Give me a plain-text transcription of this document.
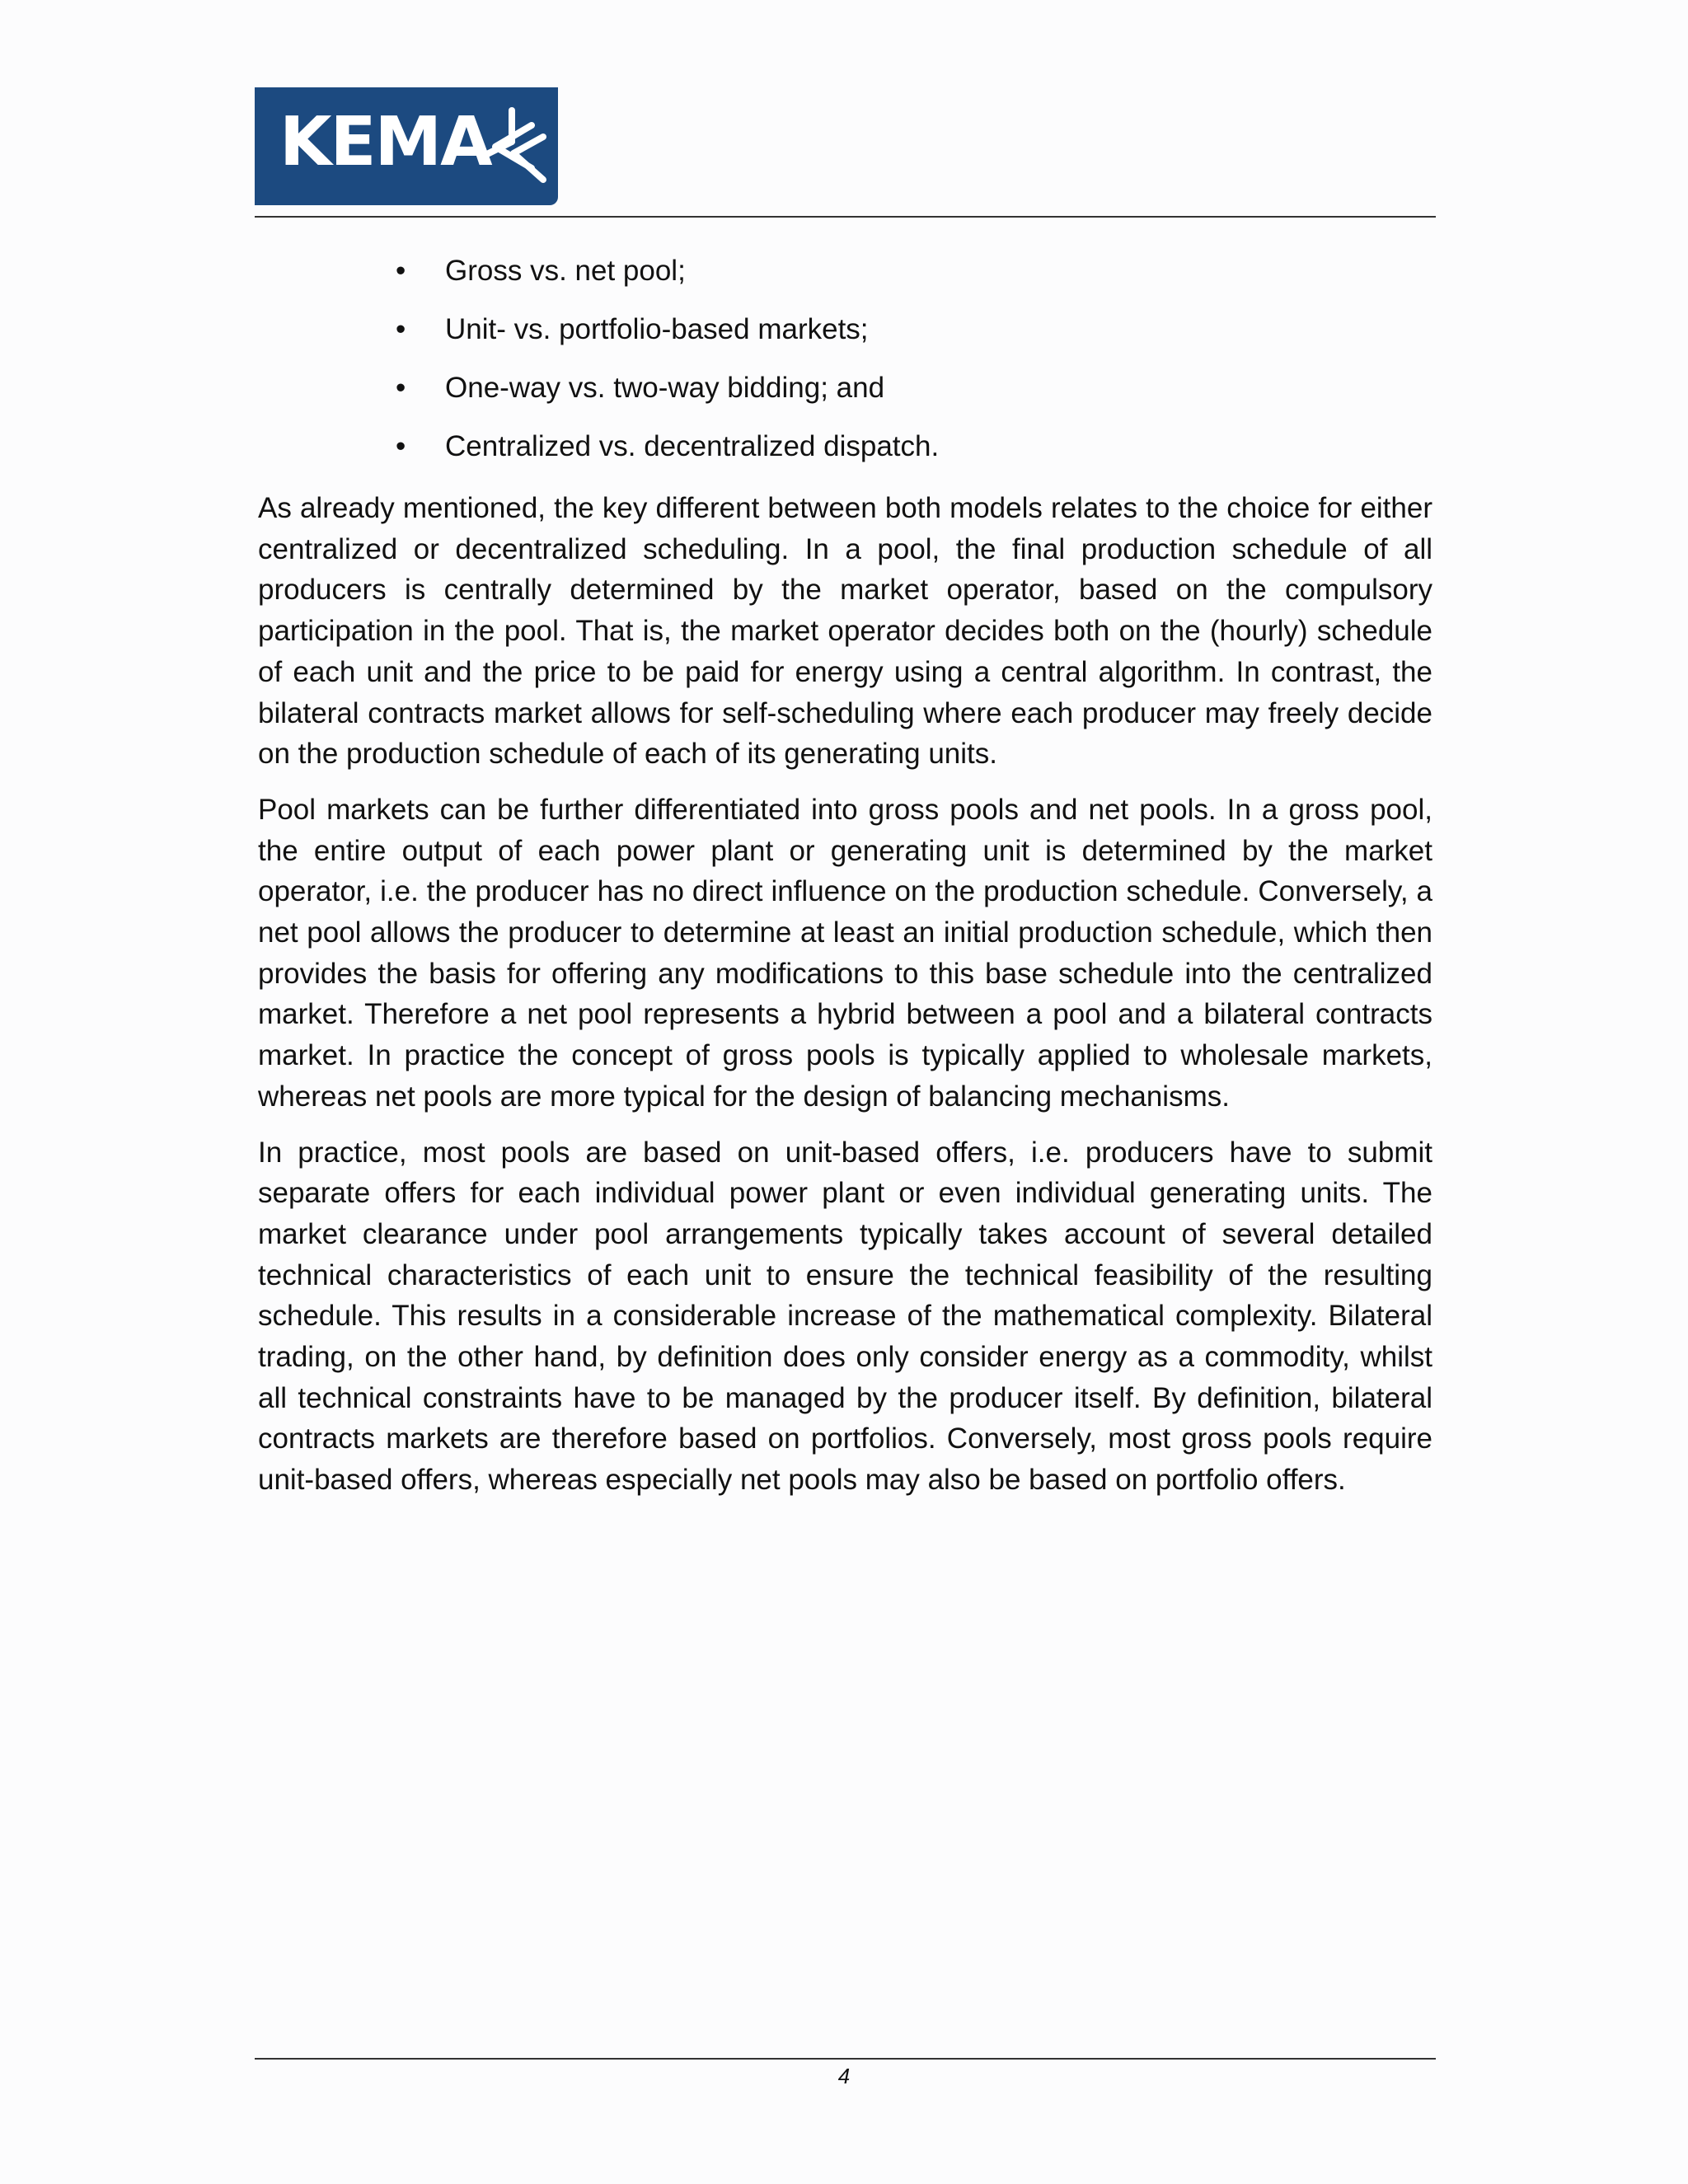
KEMA
• Gross vs. net pool;
• Unit- vs. portfolio-based markets;
• One-way vs. two-way bidding; and
• Centralized vs. decentralized dispatch.

As already mentioned, the key different between both models relates to the choice for either centralized or decentralized scheduling. In a pool, the final production schedule of all producers is centrally determined by the market operator, based on the compulsory participation in the pool. That is, the market operator decides both on the (hourly) schedule of each unit and the price to be paid for energy using a central algorithm. In contrast, the bilateral contracts market allows for self-scheduling where each producer may freely decide on the production schedule of each of its generating units.

Pool markets can be further differentiated into gross pools and net pools. In a gross pool, the entire output of each power plant or generating unit is determined by the market operator, i.e. the producer has no direct influence on the production schedule. Conversely, a net pool allows the producer to determine at least an initial production schedule, which then provides the basis for offering any modifications to this base schedule into the centralized market. Therefore a net pool represents a hybrid between a pool and a bilateral contracts market. In practice the concept of gross pools is typically applied to wholesale markets, whereas net pools are more typical for the design of balancing mechanisms.

In practice, most pools are based on unit-based offers, i.e. producers have to submit separate offers for each individual power plant or even individual generating units. The market clearance under pool arrangements typically takes account of several detailed technical characteristics of each unit to ensure the technical feasibility of the resulting schedule. This results in a considerable increase of the mathematical complexity. Bilateral trading, on the other hand, by definition does only consider energy as a commodity, whilst all technical constraints have to be managed by the producer itself. By definition, bilateral contracts markets are therefore based on portfolios. Conversely, most gross pools require unit-based offers, whereas especially net pools may also be based on portfolio offers.

4
